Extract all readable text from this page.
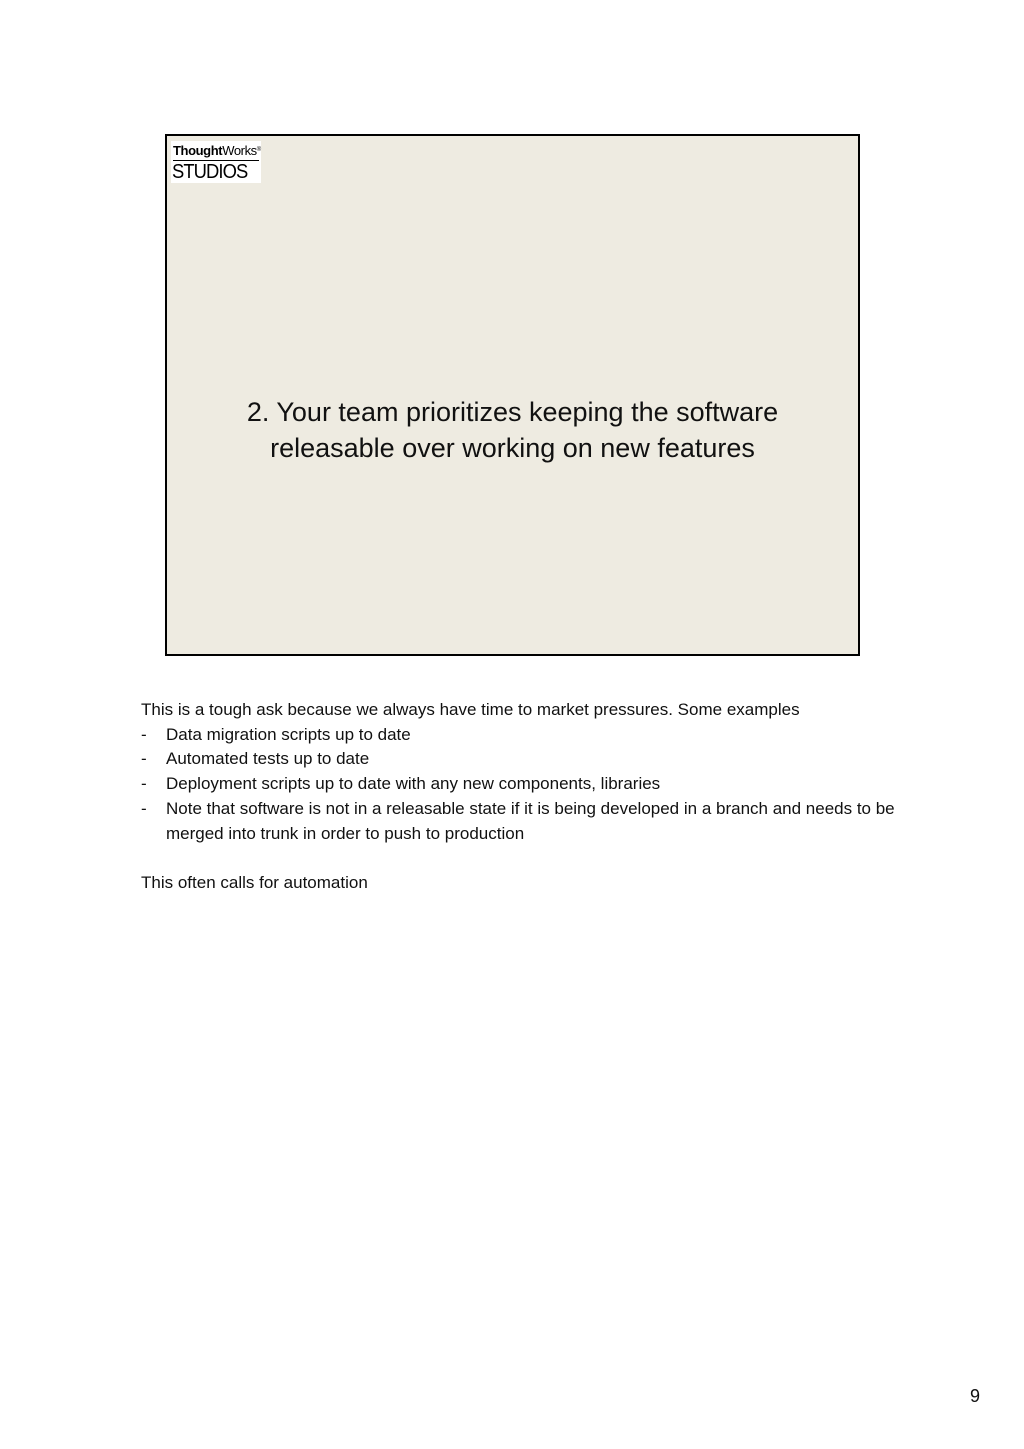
ThoughtWorks®
STUDIOS
2. Your team prioritizes keeping the software
releasable over working on new features

This is a tough ask because we always have time to market pressures. Some examples

- Data migration scripts up to date
- Automated tests up to date
- Deployment scripts up to date with any new components, libraries
- Note that software is not in a releasable state if it is being developed in a branch and needs to be merged into trunk in order to push to production

This often calls for automation

9
